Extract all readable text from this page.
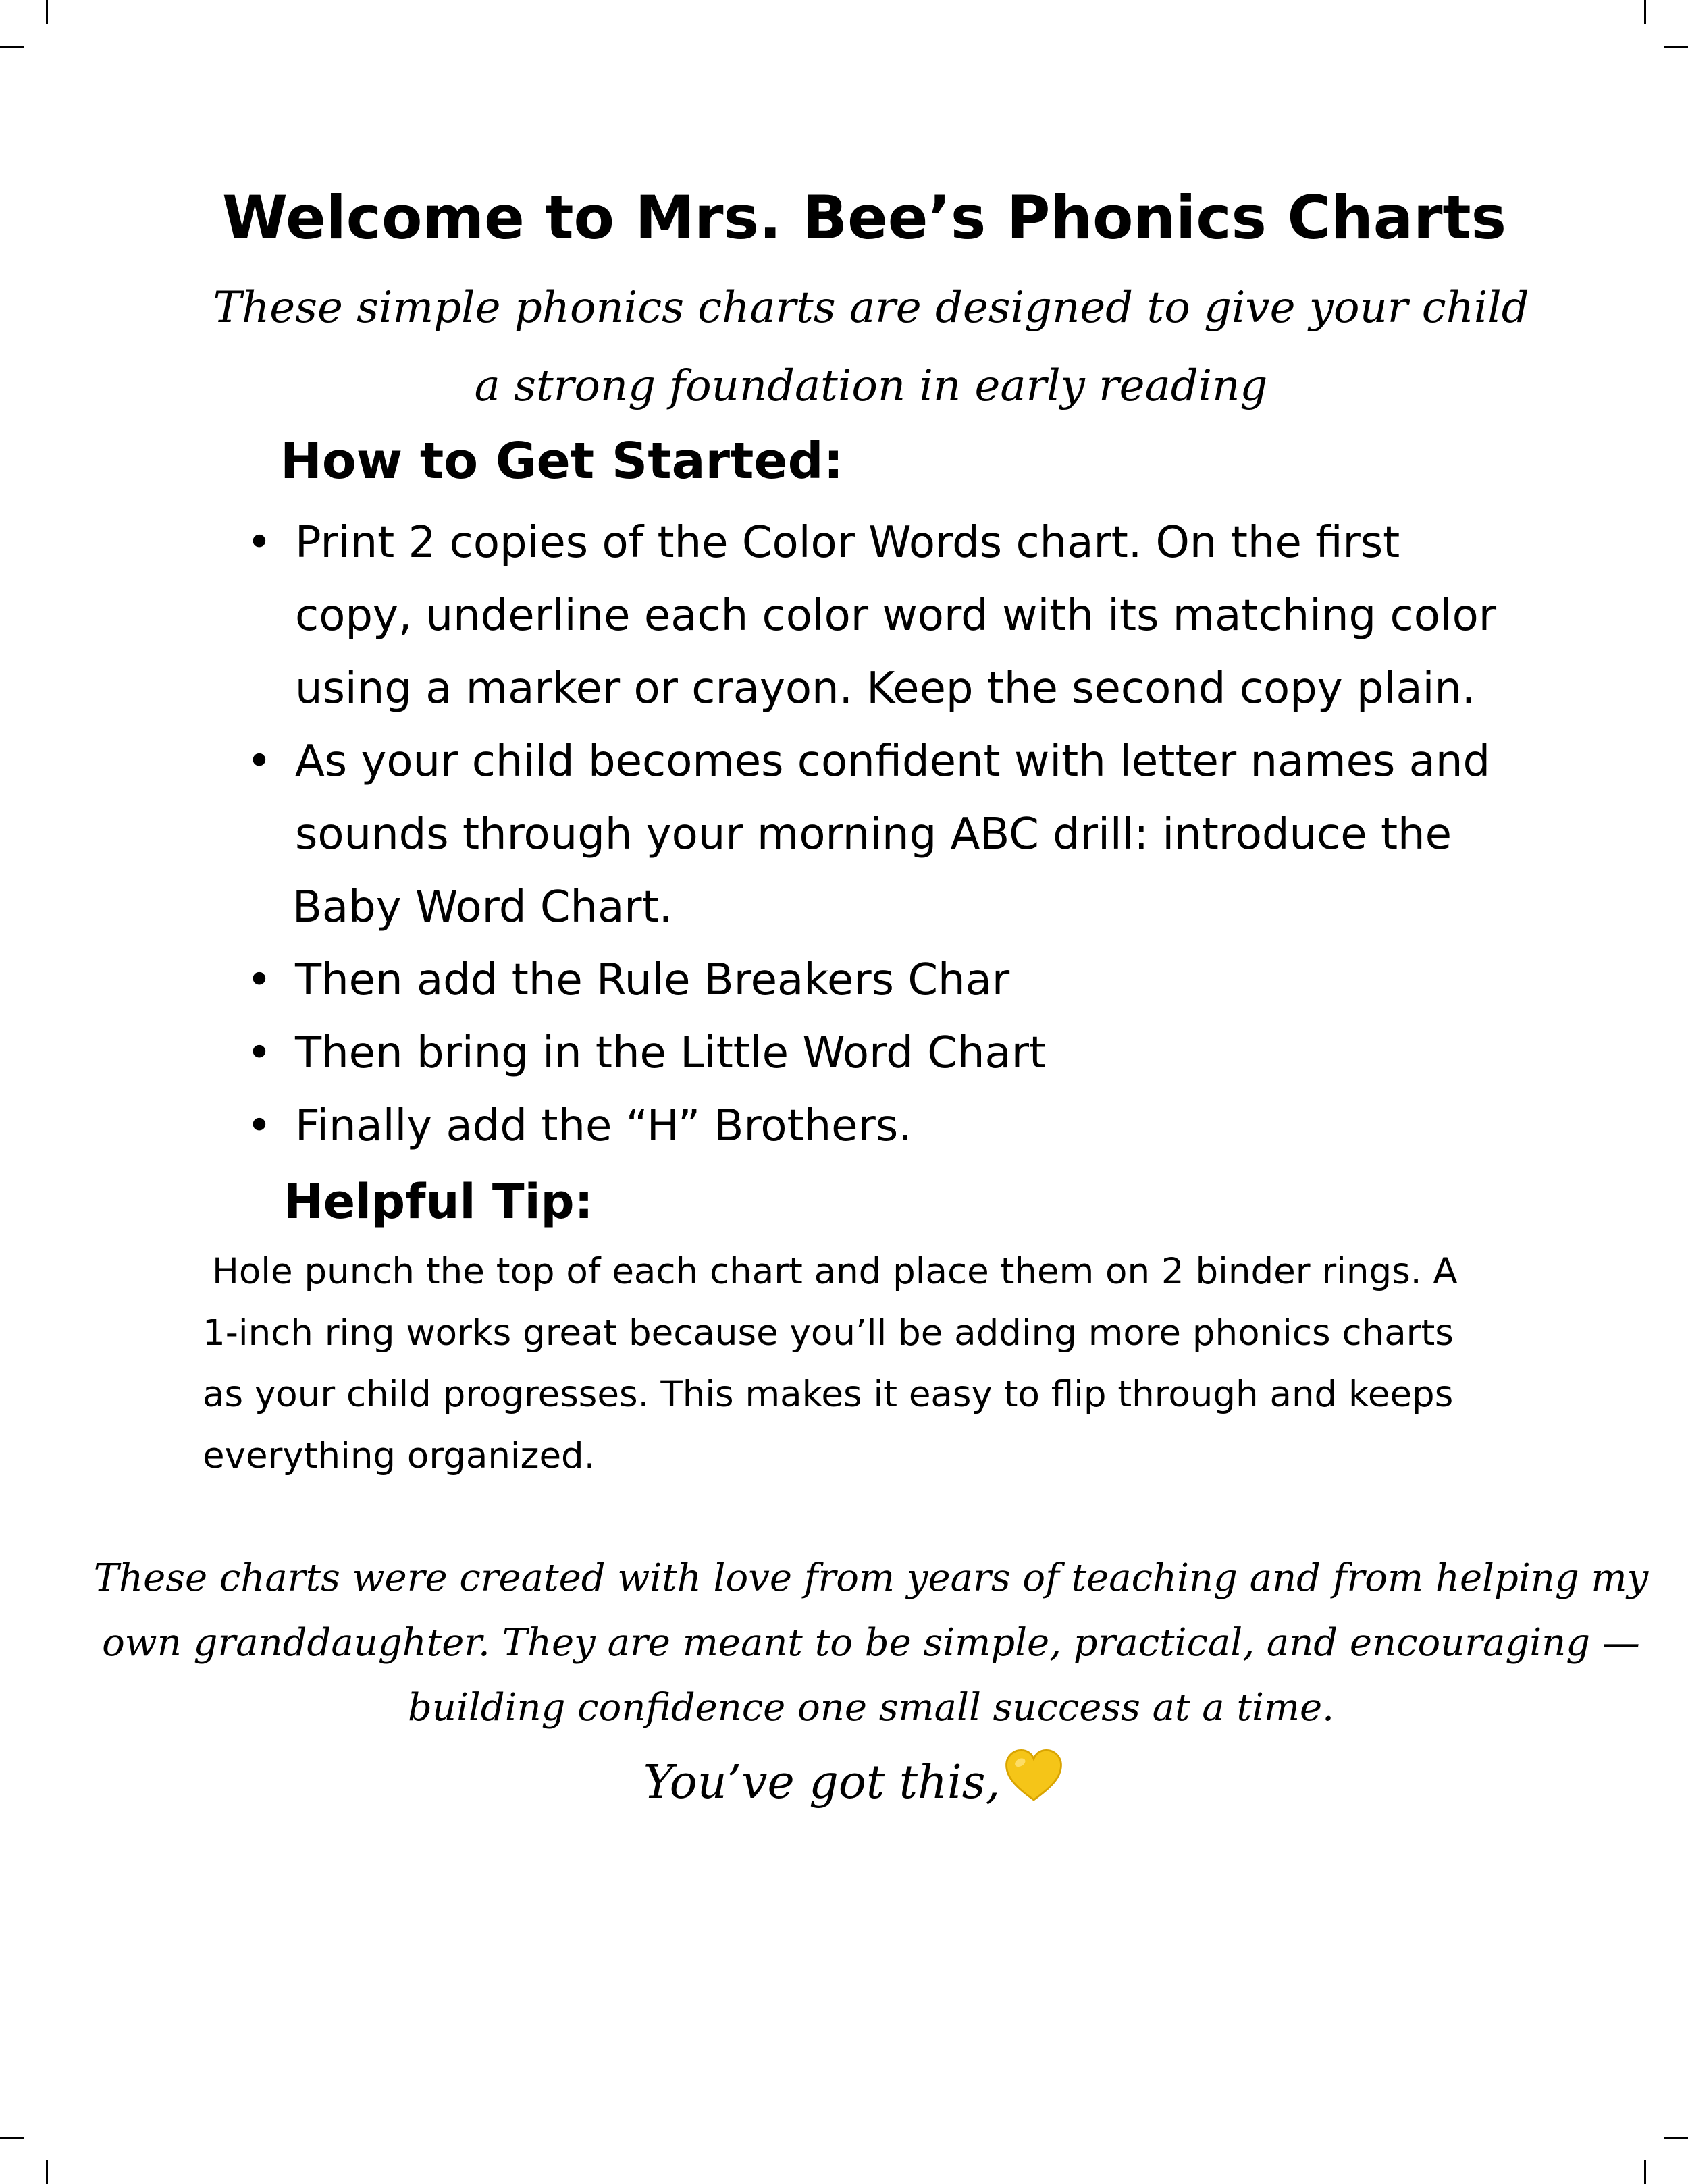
Welcome to Mrs. Bee’s Phonics Charts
These simple phonics charts are designed to give your child
a strong foundation in early reading
How to Get Started:
• Print 2 copies of the Color Words chart. On the first
copy, underline each color word with its matching color
using a marker or crayon. Keep the second copy plain.
• As your child becomes confident with letter names and
sounds through your morning ABC drill: introduce the
Baby Word Chart.
• Then add the Rule Breakers Char
• Then bring in the Little Word Chart
• Finally add the “H” Brothers.
Helpful Tip:
Hole punch the top of each chart and place them on 2 binder rings. A
1-inch ring works great because you’ll be adding more phonics charts
as your child progresses. This makes it easy to flip through and keeps
everything organized.
These charts were created with love from years of teaching and from helping my
own granddaughter. They are meant to be simple, practical, and encouraging —
building confidence one small success at a time.
You’ve got this,
